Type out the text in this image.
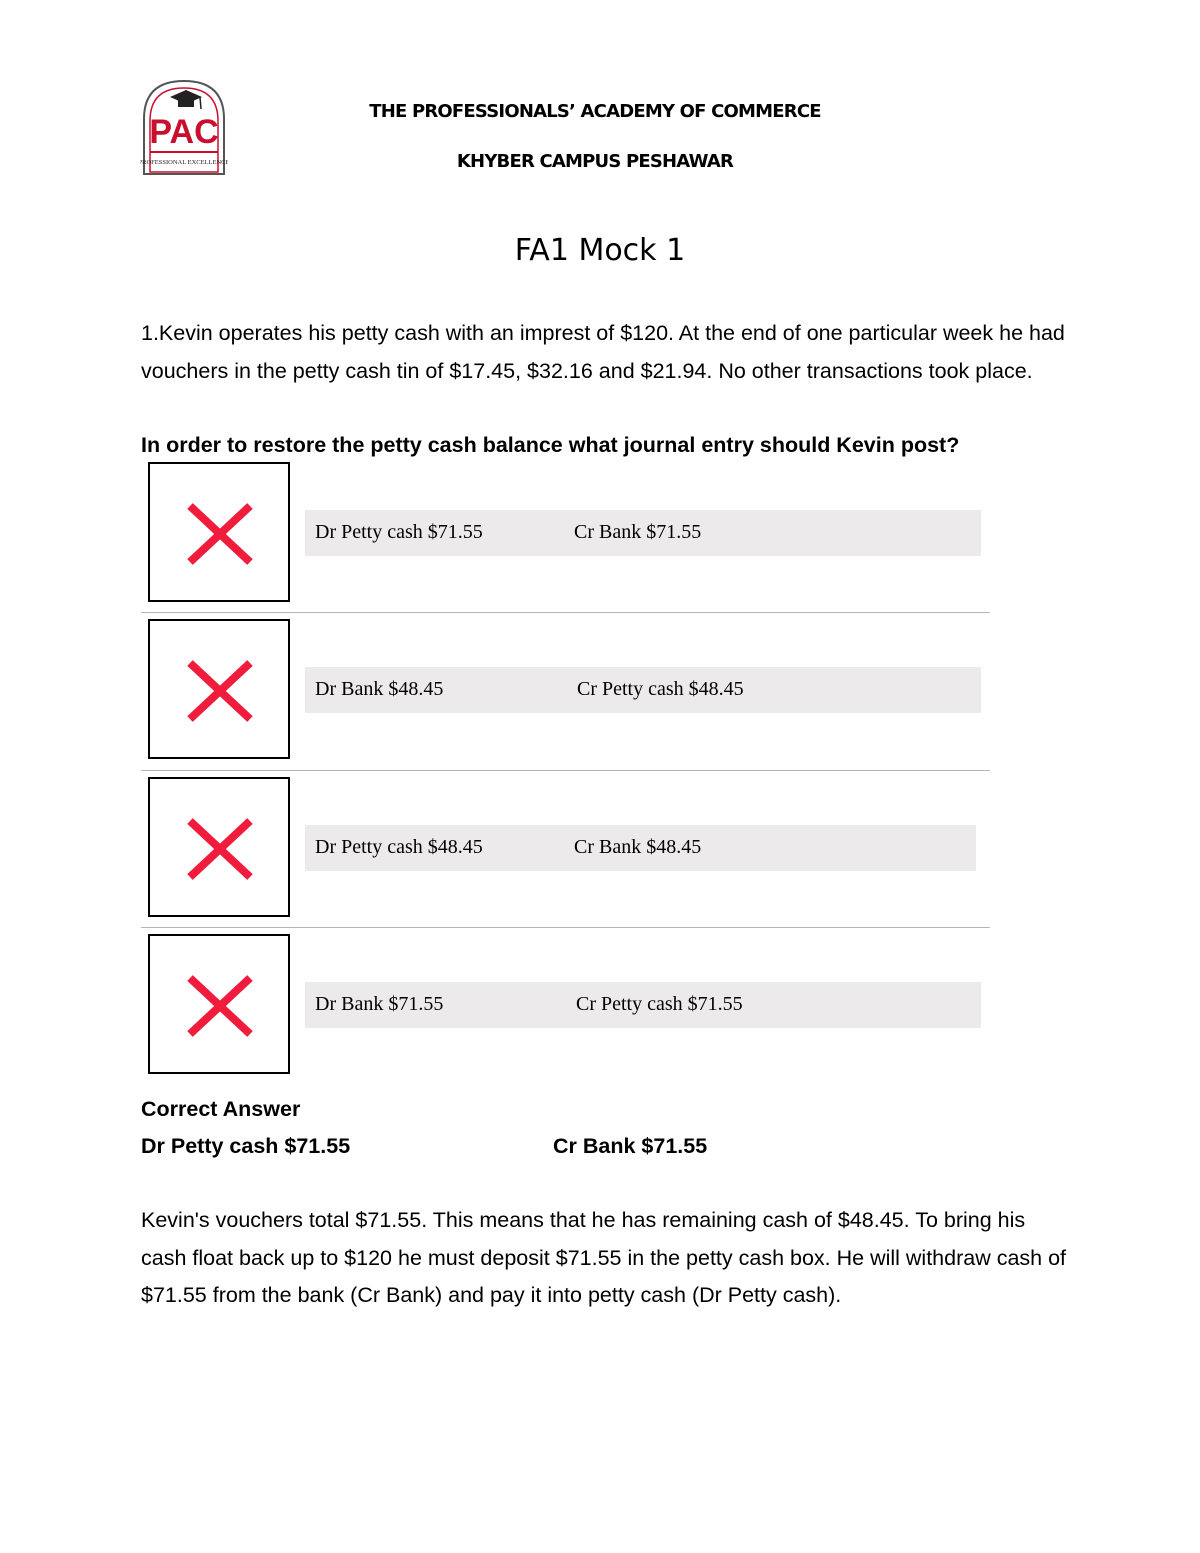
PAC
PROFESSIONAL EXCELLENCE
THE PROFESSIONALS’ ACADEMY OF COMMERCE
KHYBER CAMPUS PESHAWAR
FA1 Mock 1
1.Kevin operates his petty cash with an imprest of $120. At the end of one particular week he had vouchers in the petty cash tin of $17.45, $32.16 and $21.94. No other transactions took place.
In order to restore the petty cash balance what journal entry should Kevin post?
Dr Petty cash $71.55	Cr Bank $71.55
Dr Bank $48.45	Cr Petty cash $48.45
Dr Petty cash $48.45	Cr Bank $48.45
Dr Bank $71.55	Cr Petty cash $71.55
Correct Answer
Dr Petty cash $71.55	Cr Bank $71.55
Kevin's vouchers total $71.55. This means that he has remaining cash of $48.45. To bring his cash float back up to $120 he must deposit $71.55 in the petty cash box. He will withdraw cash of $71.55 from the bank (Cr Bank) and pay it into petty cash (Dr Petty cash).
